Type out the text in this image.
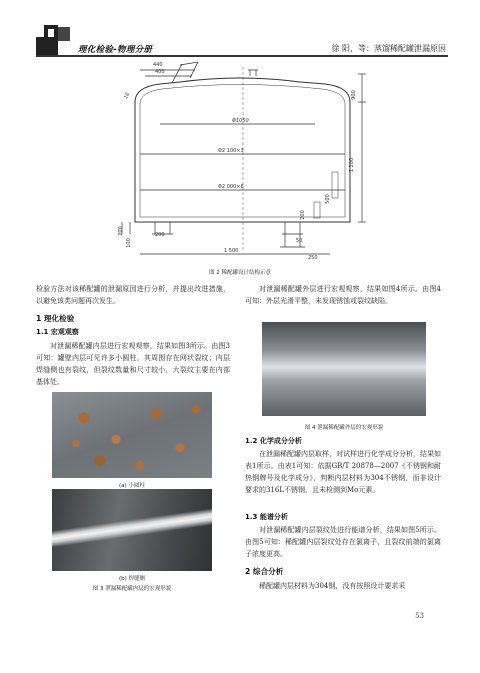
理化检验-物理分册	徐 阳，等：蒸馏稀配罐泄漏原因
440
400
10	900
Φ1050
Φ2 100×3
Φ2 000×6
1 200
500
200
200	200
1 500
250
50
100
图 2 稀配罐设计结构示意
检验方法对该稀配罐的泄漏原因进行分析，并提出改进措施，以避免该类问题再次发生。
1 理化检验
1.1 宏观观察
对泄漏稀配罐内层进行宏观观察，结果如图3所示。由图3可知：罐壁内层可见许多小圆柱，其周围存在网状裂纹；内层焊缝侧也有裂纹，但裂纹数量和尺寸较小，大裂纹主要在内部基体处。
(a) 小圆柱
(b) 焊缝侧
图 3 泄漏稀配罐内层的宏观形貌
对泄漏稀配罐外层进行宏观观察，结果如图4所示。由图4可知：外层光滑平整，未发现锈蚀或裂纹缺陷。
图 4 泄漏稀配罐外层的宏观形貌
1.2 化学成分分析
在泄漏稀配罐内层取样，对试样进行化学成分分析，结果如表1所示。由表1可知：依据GB/T 20878—2007《不锈钢和耐热钢牌号及化学成分》，判断内层材料为304不锈钢，而非设计要求的316L不锈钢，且未检测到Mo元素。
1.3 能谱分析
对泄漏稀配罐内层裂纹处进行能谱分析，结果如图5所示。由图5可知：稀配罐内层裂纹处存在氯离子，且裂纹前端的氯离子浓度更高。
2 综合分析
稀配罐内层材料为304钢，没有按照设计要求采
53
